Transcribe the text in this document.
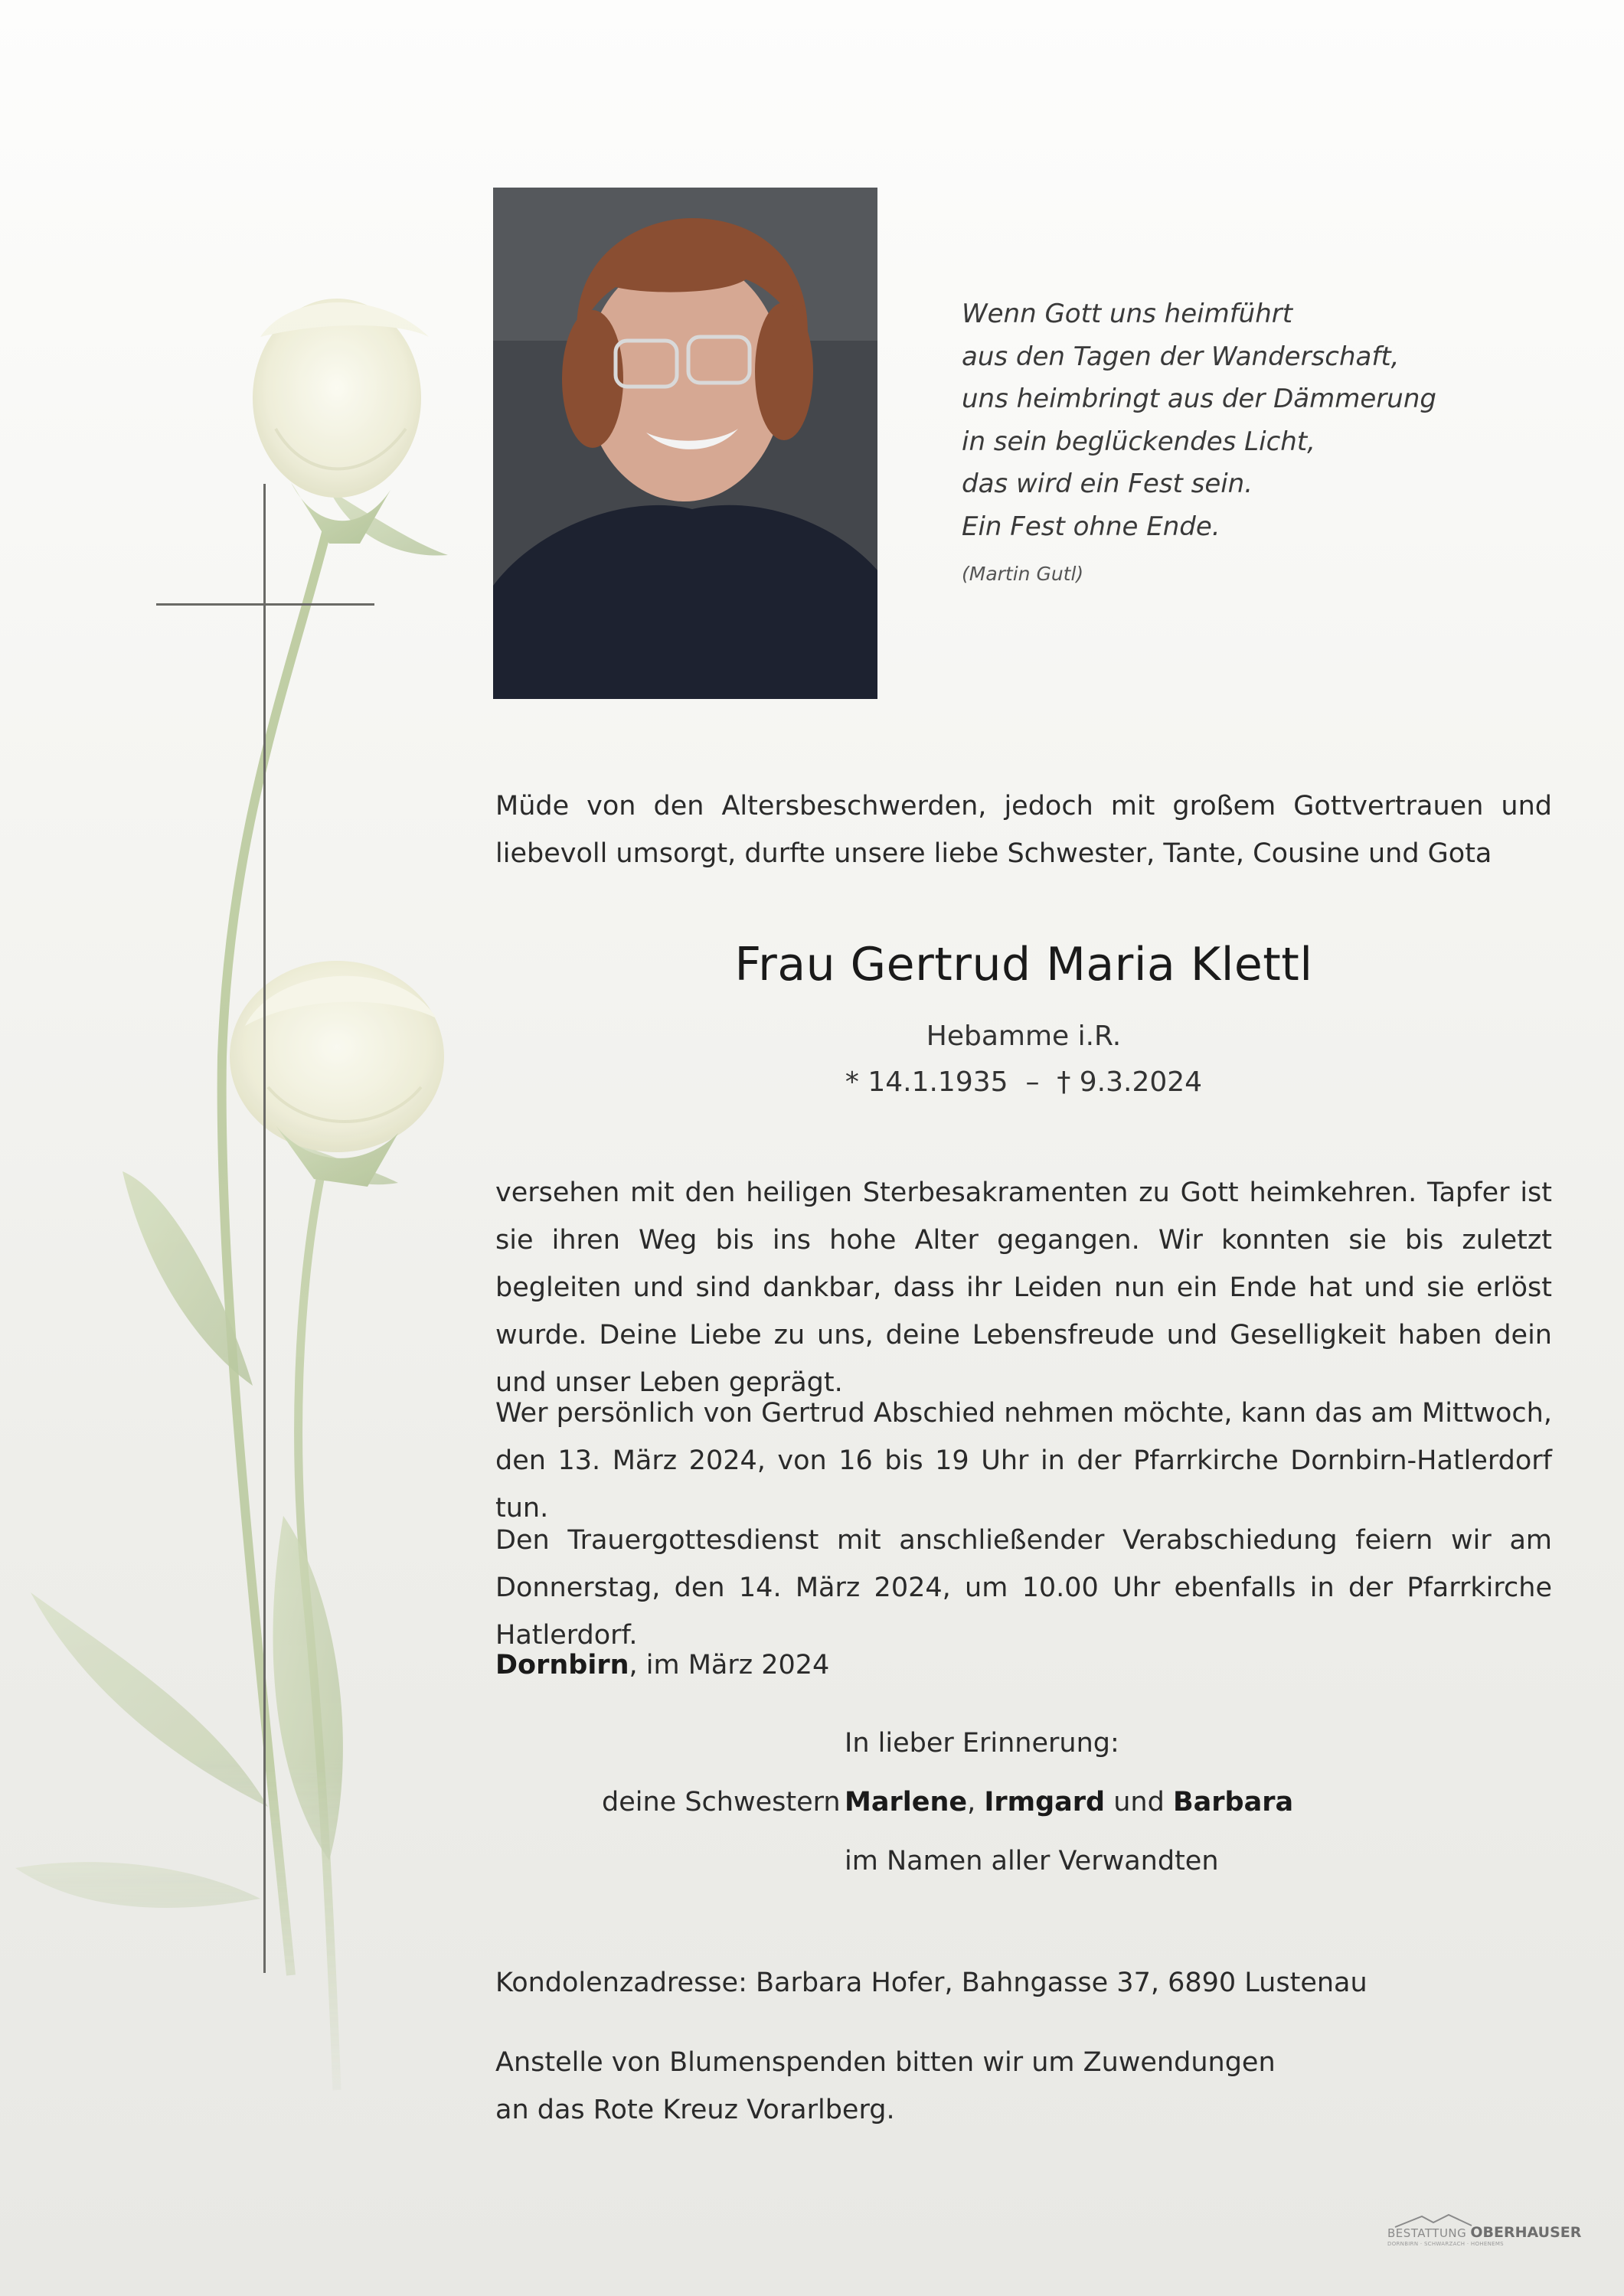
Wenn Gott uns heimführt
aus den Tagen der Wanderschaft,
uns heimbringt aus der Dämmerung
in sein beglückendes Licht,
das wird ein Fest sein.
Ein Fest ohne Ende.
(Martin Gutl)
Müde von den Altersbeschwerden, jedoch mit großem Gottvertrauen und liebevoll umsorgt, durfte unsere liebe Schwester, Tante, Cousine und Gota
Frau Gertrud Maria Klettl
Hebamme i.R.
* 14.1.1935  –  † 9.3.2024
versehen mit den heiligen Sterbesakramenten zu Gott heimkehren. Tapfer ist sie ihren Weg bis ins hohe Alter gegangen. Wir konnten sie bis zuletzt begleiten und sind dankbar, dass ihr Leiden nun ein Ende hat und sie erlöst wurde. Deine Liebe zu uns, deine Lebensfreude und Geselligkeit haben dein und unser Leben geprägt.
Wer persönlich von Gertrud Abschied nehmen möchte, kann das am Mittwoch, den 13. März 2024, von 16 bis 19 Uhr in der Pfarrkirche Dornbirn-Hatlerdorf tun.
Den Trauergottesdienst mit anschließender Verabschiedung feiern wir am Donnerstag, den 14. März 2024, um 10.00 Uhr ebenfalls in der Pfarrkirche Hatlerdorf.
Dornbirn, im März 2024
In lieber Erinnerung:
deine Schwestern Marlene, Irmgard und Barbara
im Namen aller Verwandten
Kondolenzadresse: Barbara Hofer, Bahngasse 37, 6890 Lustenau
Anstelle von Blumenspenden bitten wir um Zuwendungen
an das Rote Kreuz Vorarlberg.
BESTATTUNG OBERHAUSER
DORNBIRN · SCHWARZACH · HOHENEMS
